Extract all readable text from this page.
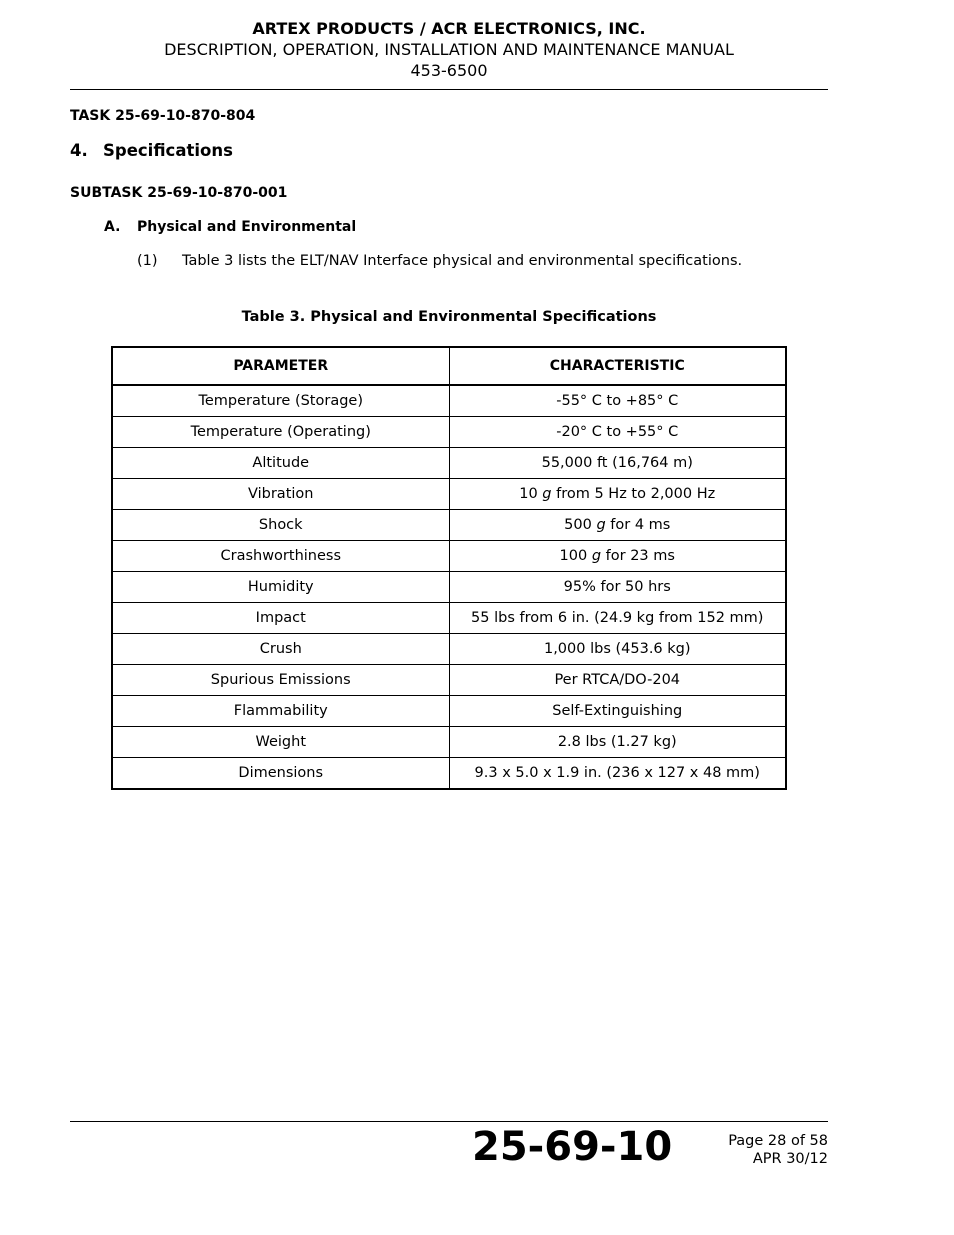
ARTEX PRODUCTS / ACR ELECTRONICS, INC.
DESCRIPTION, OPERATION, INSTALLATION AND MAINTENANCE MANUAL
453-6500
TASK 25-69-10-870-804
4. Specifications
SUBTASK 25-69-10-870-001
A. Physical and Environmental
(1) Table 3 lists the ELT/NAV Interface physical and environmental specifications.
Table 3. Physical and Environmental Specifications
PARAMETER	CHARACTERISTIC
Temperature (Storage)	-55° C to +85° C
Temperature (Operating)	-20° C to +55° C
Altitude	55,000 ft (16,764 m)
Vibration	10 g from 5 Hz to 2,000 Hz
Shock	500 g for 4 ms
Crashworthiness	100 g for 23 ms
Humidity	95% for 50 hrs
Impact	55 lbs from 6 in. (24.9 kg from 152 mm)
Crush	1,000 lbs (453.6 kg)
Spurious Emissions	Per RTCA/DO-204
Flammability	Self-Extinguishing
Weight	2.8 lbs (1.27 kg)
Dimensions	9.3 x 5.0 x 1.9 in. (236 x 127 x 48 mm)
25-69-10	Page 28 of 58
APR 30/12
